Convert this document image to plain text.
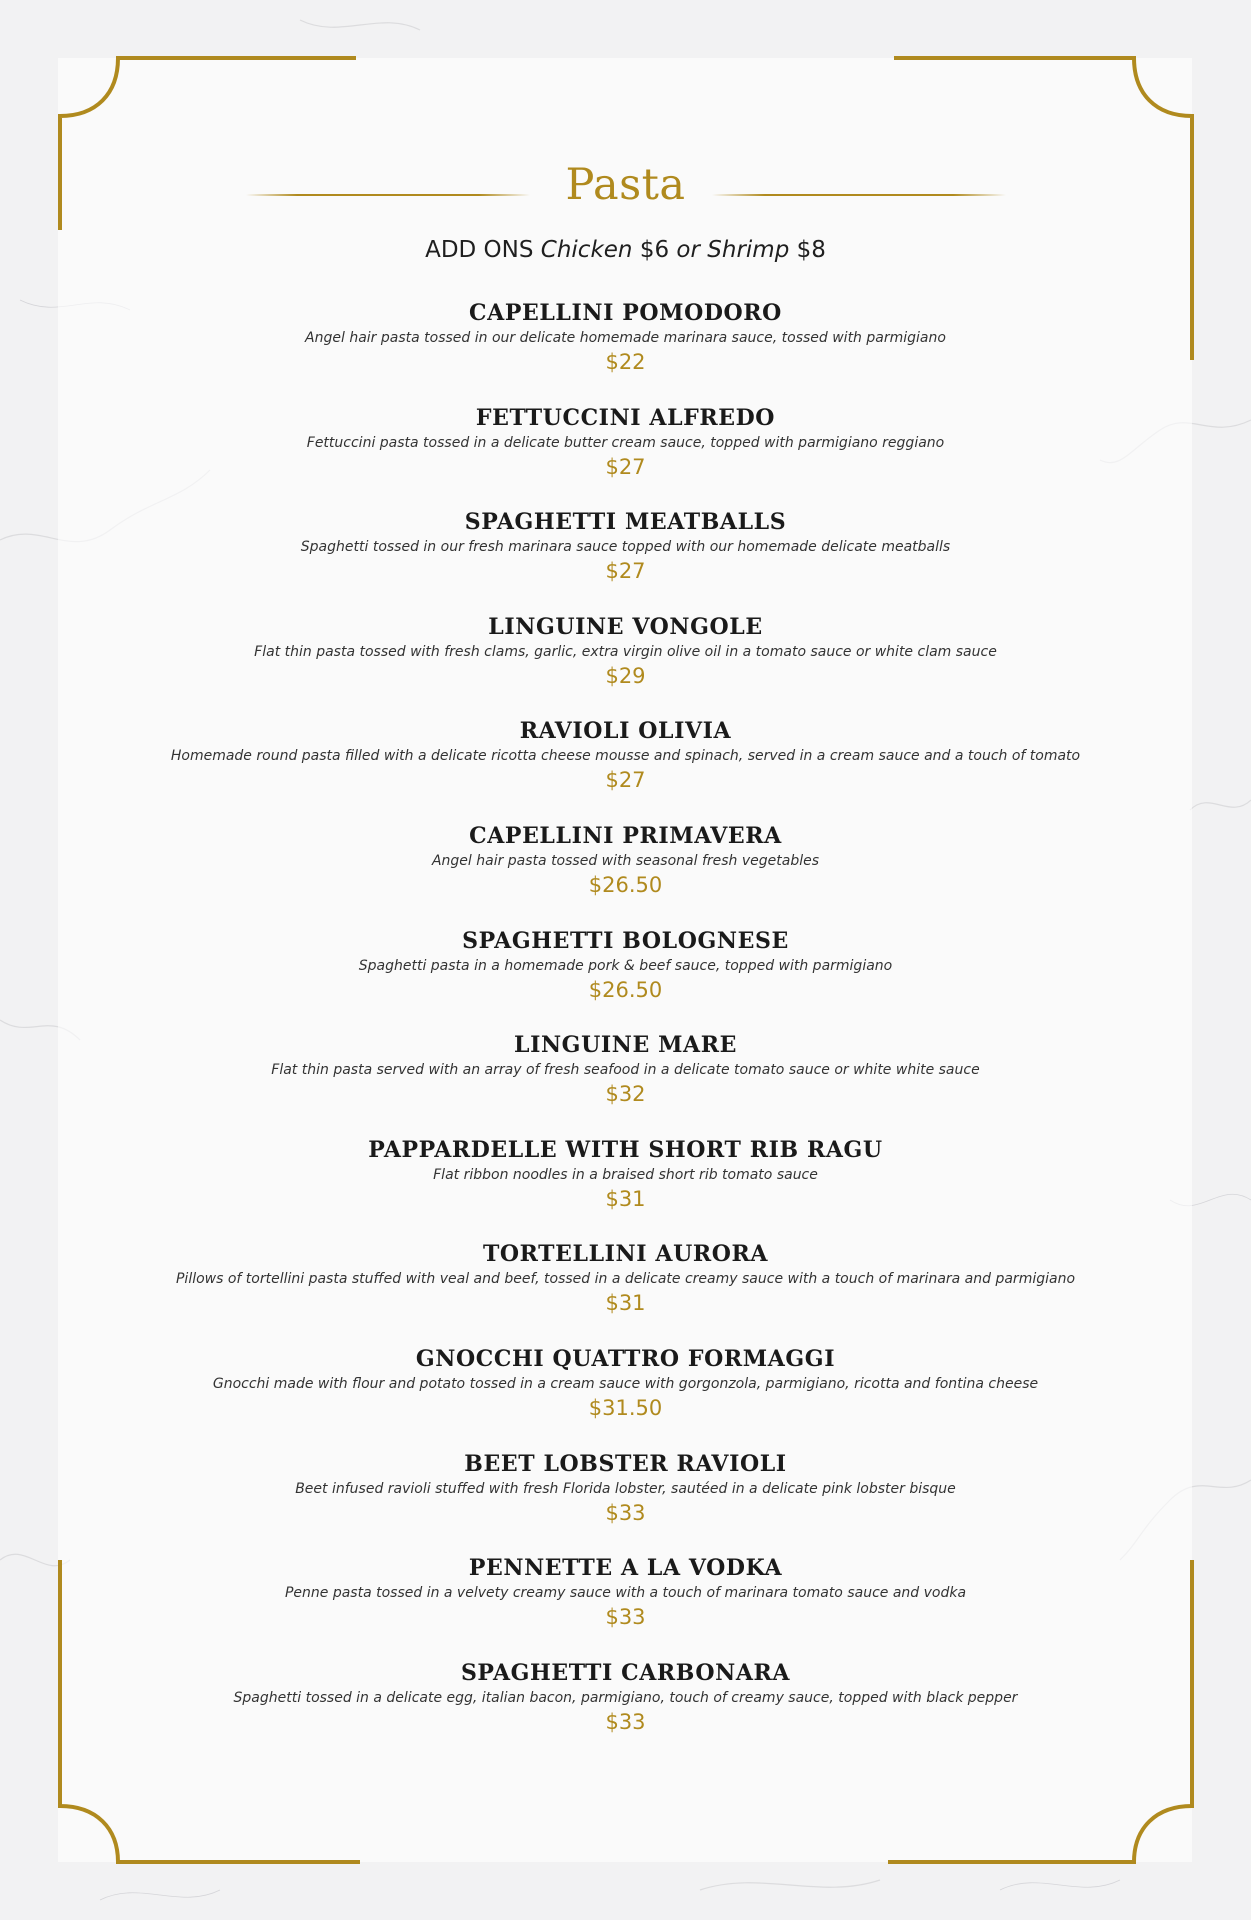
Pasta
ADD ONS Chicken $6 or Shrimp $8
CAPELLINI POMODORO
Angel hair pasta tossed in our delicate homemade marinara sauce, tossed with parmigiano
$22
FETTUCCINI ALFREDO
Fettuccini pasta tossed in a delicate butter cream sauce, topped with parmigiano reggiano
$27
SPAGHETTI MEATBALLS
Spaghetti tossed in our fresh marinara sauce topped with our homemade delicate meatballs
$27
LINGUINE VONGOLE
Flat thin pasta tossed with fresh clams, garlic, extra virgin olive oil in a tomato sauce or white clam sauce
$29
RAVIOLI OLIVIA
Homemade round pasta filled with a delicate ricotta cheese mousse and spinach, served in a cream sauce and a touch of tomato
$27
CAPELLINI PRIMAVERA
Angel hair pasta tossed with seasonal fresh vegetables
$26.50
SPAGHETTI BOLOGNESE
Spaghetti pasta in a homemade pork & beef sauce, topped with parmigiano
$26.50
LINGUINE MARE
Flat thin pasta served with an array of fresh seafood in a delicate tomato sauce or white white sauce
$32
PAPPARDELLE WITH SHORT RIB RAGU
Flat ribbon noodles in a braised short rib tomato sauce
$31
TORTELLINI AURORA
Pillows of tortellini pasta stuffed with veal and beef, tossed in a delicate creamy sauce with a touch of marinara and parmigiano
$31
GNOCCHI QUATTRO FORMAGGI
Gnocchi made with flour and potato tossed in a cream sauce with gorgonzola, parmigiano, ricotta and fontina cheese
$31.50
BEET LOBSTER RAVIOLI
Beet infused ravioli stuffed with fresh Florida lobster, sautéed in a delicate pink lobster bisque
$33
PENNETTE A LA VODKA
Penne pasta tossed in a velvety creamy sauce with a touch of marinara tomato sauce and vodka
$33
SPAGHETTI CARBONARA
Spaghetti tossed in a delicate egg, italian bacon, parmigiano, touch of creamy sauce, topped with black pepper
$33
